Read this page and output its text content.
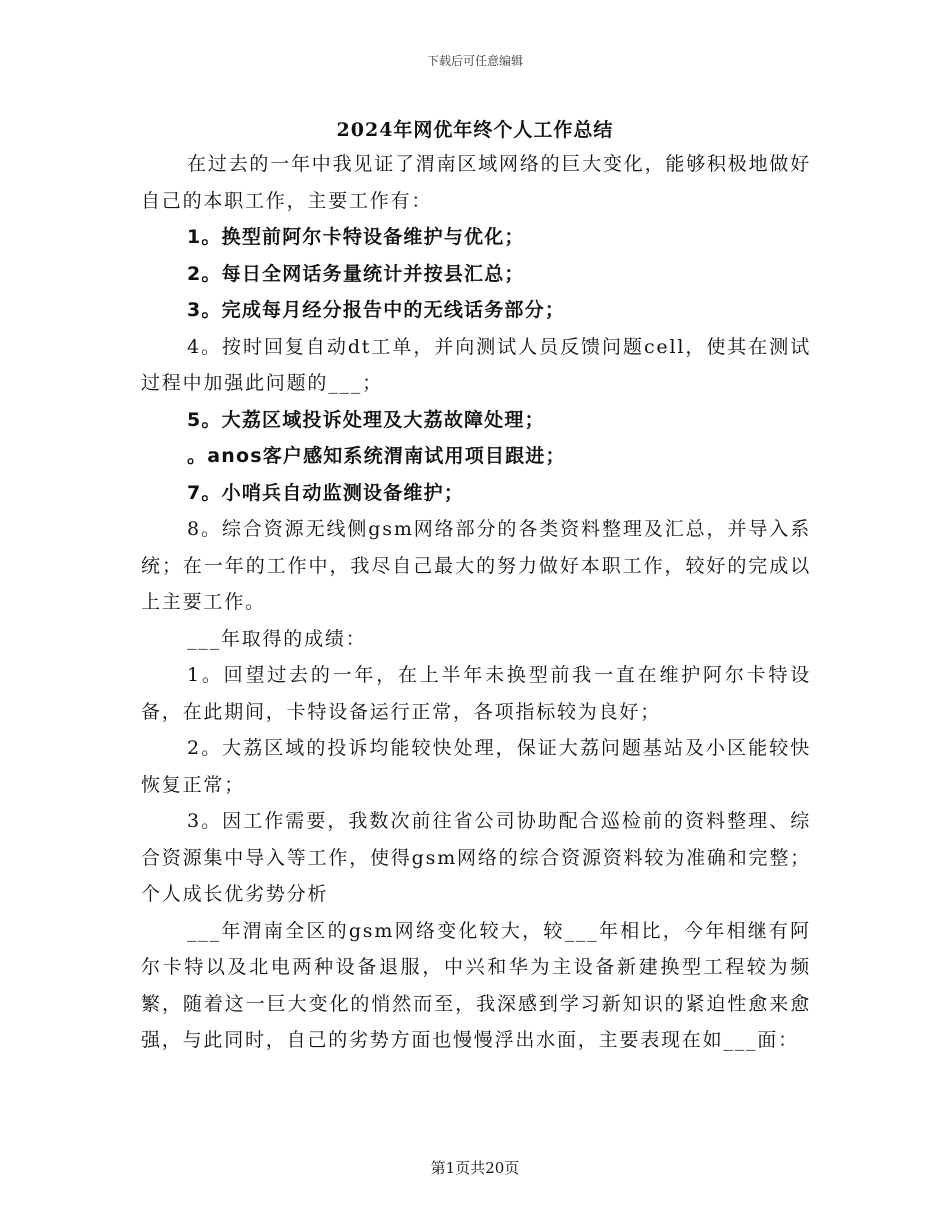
下载后可任意编辑
2024年网优年终个人工作总结

在过去的一年中我见证了渭南区域网络的巨大变化，能够积极地做好自己的本职工作，主要工作有：

1。换型前阿尔卡特设备维护与优化；

2。每日全网话务量统计并按县汇总；

3。完成每月经分报告中的无线话务部分；

4。按时回复自动dt工单，并向测试人员反馈问题cell，使其在测试过程中加强此问题的___；

5。大荔区域投诉处理及大荔故障处理；

。anos客户感知系统渭南试用项目跟进；

7。小哨兵自动监测设备维护；

8。综合资源无线侧gsm网络部分的各类资料整理及汇总，并导入系统；在一年的工作中，我尽自己最大的努力做好本职工作，较好的完成以上主要工作。

___年取得的成绩：

1。回望过去的一年，在上半年未换型前我一直在维护阿尔卡特设备，在此期间，卡特设备运行正常，各项指标较为良好；

2。大荔区域的投诉均能较快处理，保证大荔问题基站及小区能较快恢复正常；

3。因工作需要，我数次前往省公司协助配合巡检前的资料整理、综合资源集中导入等工作，使得gsm网络的综合资源资料较为准确和完整；个人成长优劣势分析

___年渭南全区的gsm网络变化较大，较___年相比，今年相继有阿尔卡特以及北电两种设备退服，中兴和华为主设备新建换型工程较为频繁，随着这一巨大变化的悄然而至，我深感到学习新知识的紧迫性愈来愈强，与此同时，自己的劣势方面也慢慢浮出水面，主要表现在如___面：

第1页共20页
